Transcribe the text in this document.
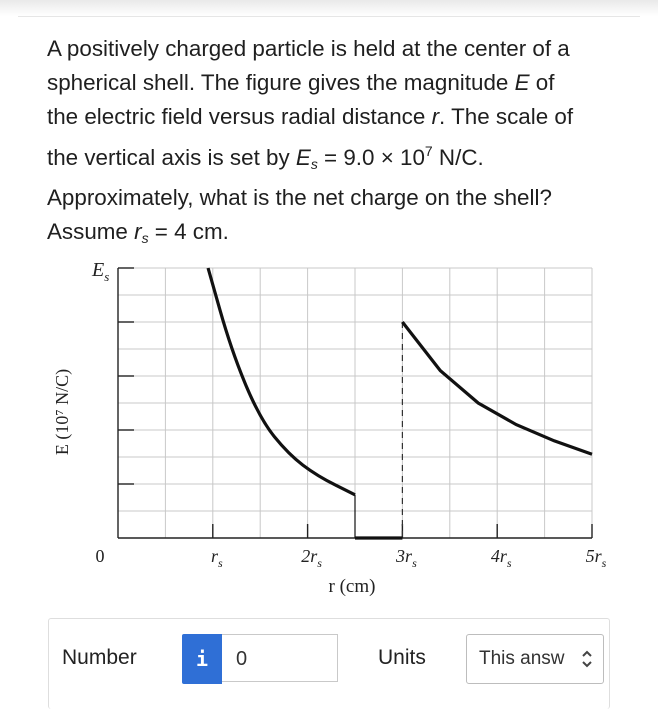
A positively charged particle is held at the center of a

spherical shell. The figure gives the magnitude E of

the electric field versus radial distance r. The scale of

the vertical axis is set by $E_s = 9.0 \times 10^7$ N/C.

Approximately, what is the net charge on the shell?

Assume $r_s = 4$ cm.

$E_s$
E (10⁷ N/C)
0	$r_s$	$2r_s$	$3r_s$	$4r_s$	$5r_s$
r (cm)
Number	i	0	Units	This answ
